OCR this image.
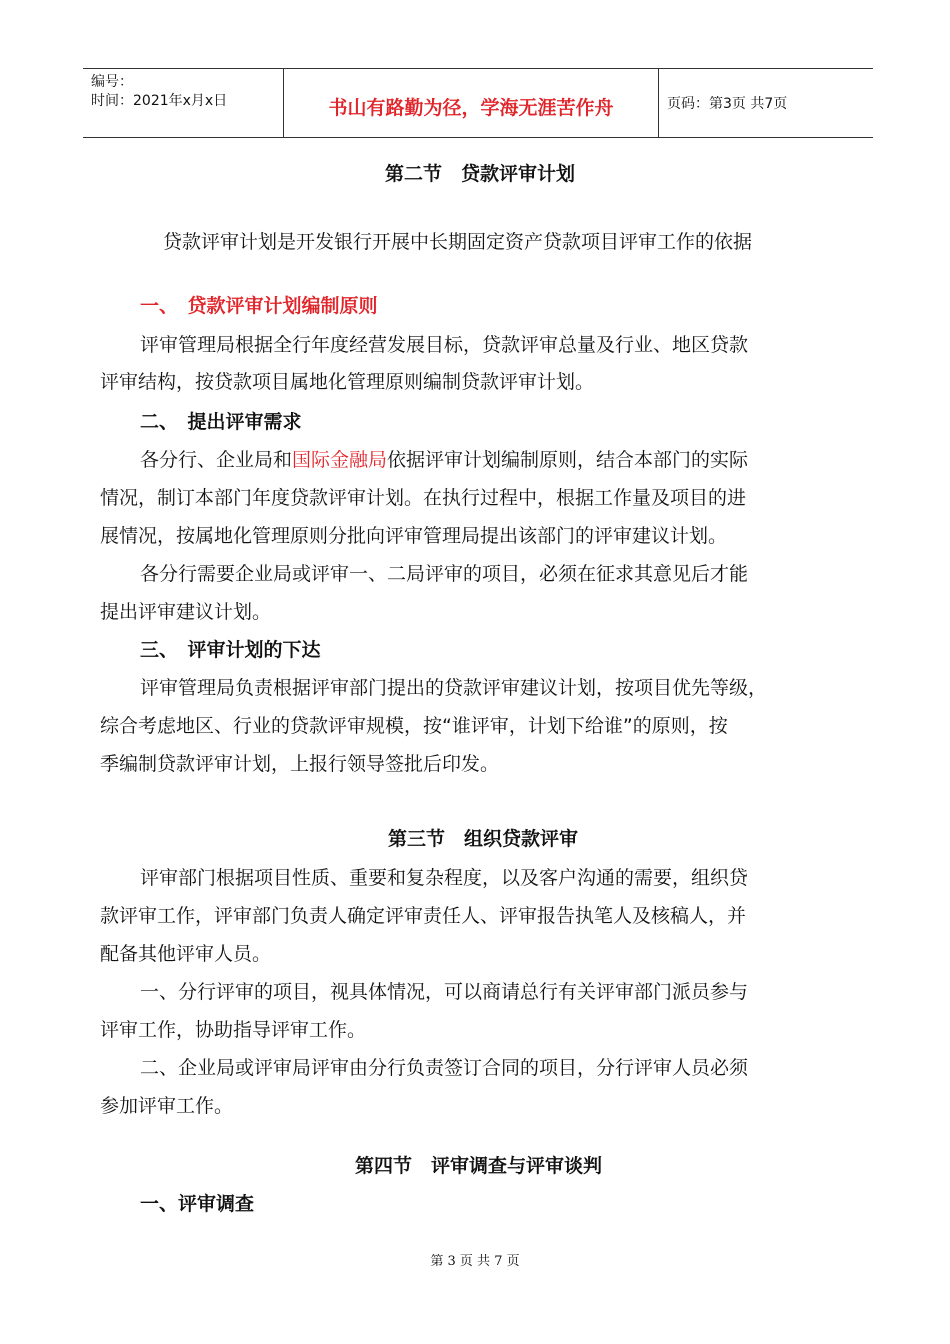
编号：
时间：2021年x月x日	书山有路勤为径，学海无涯苦作舟	页码：第3页 共7页
第二节　贷款评审计划
贷款评审计划是开发银行开展中长期固定资产贷款项目评审工作的依据
一、　贷款评审计划编制原则
评审管理局根据全行年度经营发展目标，贷款评审总量及行业、地区贷款
评审结构，按贷款项目属地化管理原则编制贷款评审计划。
二、　提出评审需求
各分行、企业局和国际金融局依据评审计划编制原则，结合本部门的实际
情况，制订本部门年度贷款评审计划。在执行过程中，根据工作量及项目的进
展情况，按属地化管理原则分批向评审管理局提出该部门的评审建议计划。
各分行需要企业局或评审一、二局评审的项目，必须在征求其意见后才能
提出评审建议计划。
三、　评审计划的下达
评审管理局负责根据评审部门提出的贷款评审建议计划，按项目优先等级，
综合考虑地区、行业的贷款评审规模，按“谁评审，计划下给谁”的原则，按
季编制贷款评审计划，上报行领导签批后印发。
第三节　组织贷款评审
评审部门根据项目性质、重要和复杂程度，以及客户沟通的需要，组织贷
款评审工作，评审部门负责人确定评审责任人、评审报告执笔人及核稿人，并
配备其他评审人员。
一、分行评审的项目，视具体情况，可以商请总行有关评审部门派员参与
评审工作，协助指导评审工作。
二、企业局或评审局评审由分行负责签订合同的项目，分行评审人员必须
参加评审工作。
第四节　评审调查与评审谈判
一、评审调查
第 3 页 共 7 页
